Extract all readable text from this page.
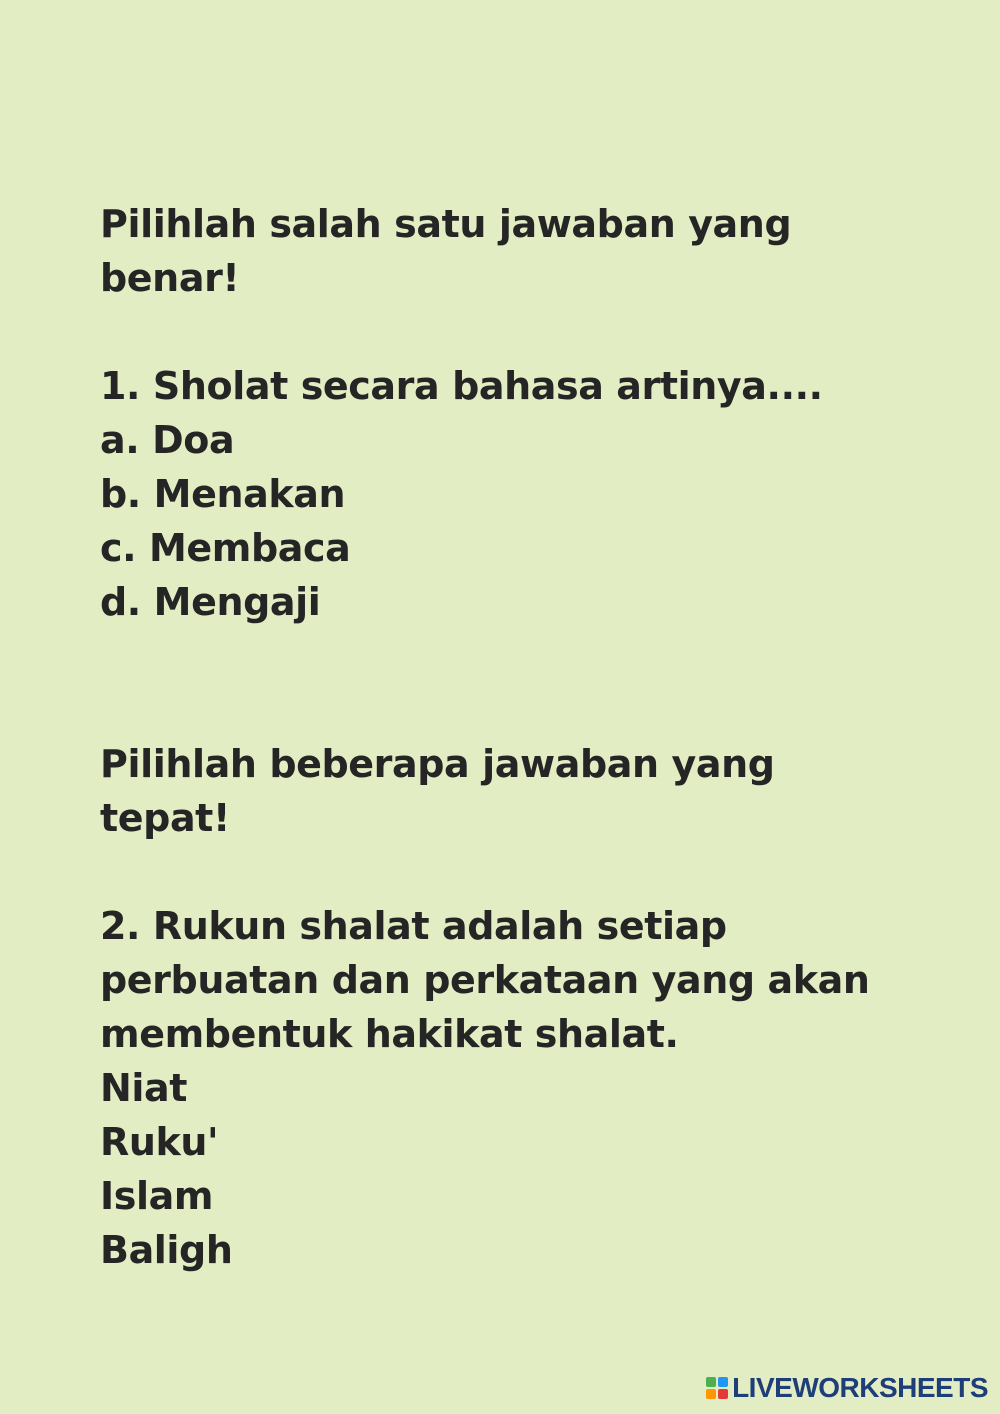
Pilihlah salah satu jawaban yang
benar!
1. Sholat secara bahasa artinya....
a. Doa
b. Menakan
c. Membaca
d. Mengaji
Pilihlah beberapa jawaban yang
tepat!
2. Rukun shalat adalah setiap
perbuatan dan perkataan yang akan
membentuk hakikat shalat.
Niat
Ruku'
Islam
Baligh
LIVEWORKSHEETS
